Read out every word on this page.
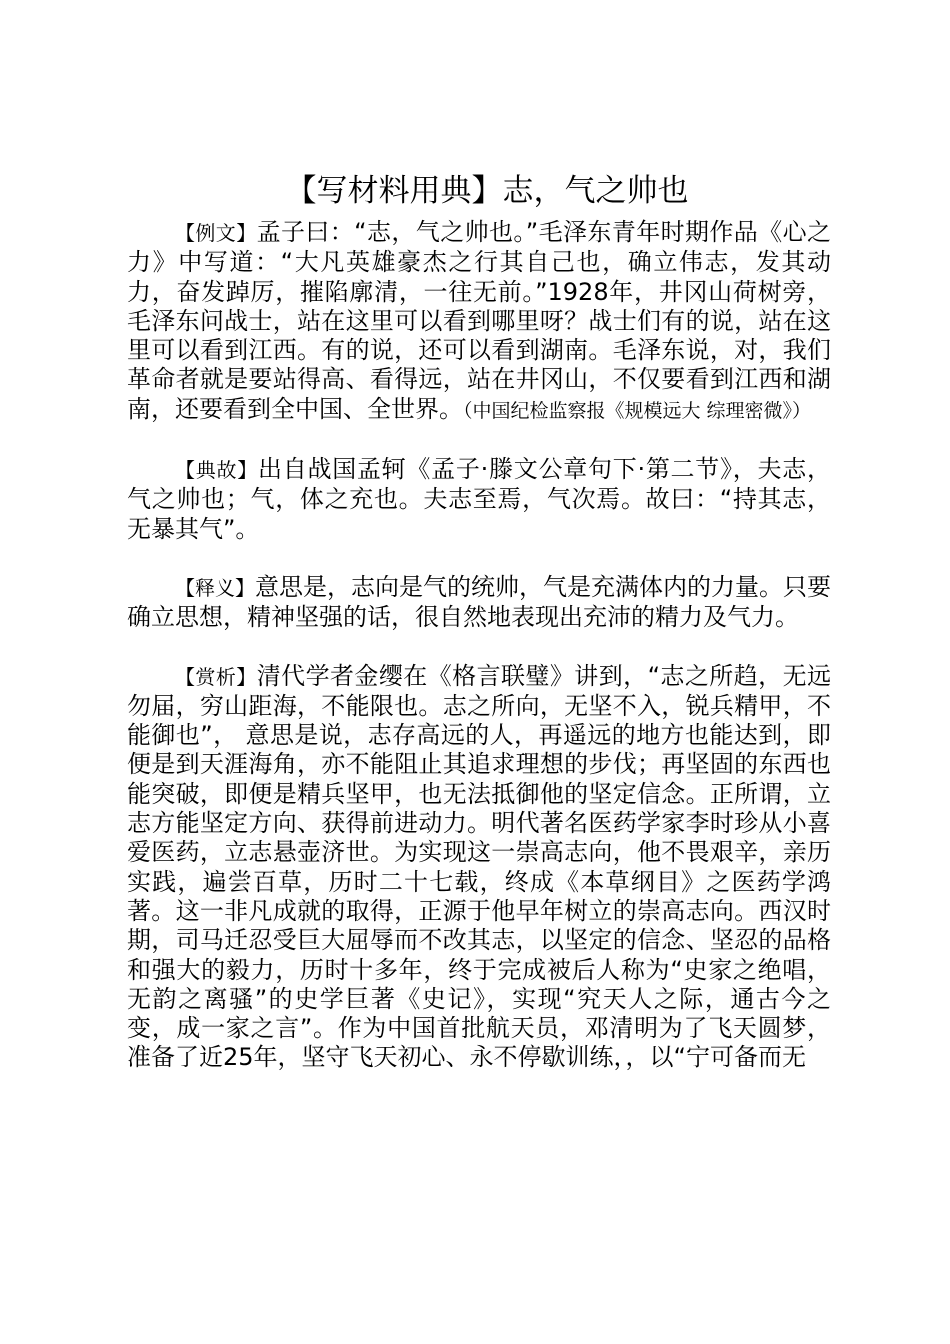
【写材料用典】志，气之帅也

【例文】孟子曰：“志，气之帅也。”毛泽东青年时期作品《心之力》中写道：“大凡英雄豪杰之行其自己也，确立伟志，发其动力，奋发踔厉，摧陷廓清，一往无前。”1928年，井冈山荷树旁，毛泽东问战士，站在这里可以看到哪里呀？战士们有的说，站在这里可以看到江西。有的说，还可以看到湖南。毛泽东说，对，我们革命者就是要站得高、看得远，站在井冈山，不仅要看到江西和湖南，还要看到全中国、全世界。（中国纪检监察报《规模远大 综理密微》）

【典故】出自战国孟轲《孟子·滕文公章句下·第二节》，夫志，气之帅也；气，体之充也。夫志至焉，气次焉。故曰：“持其志，无暴其气”。

【释义】意思是，志向是气的统帅，气是充满体内的力量。只要确立思想，精神坚强的话，很自然地表现出充沛的精力及气力。

【赏析】清代学者金缨在《格言联璧》讲到，“志之所趋，无远勿届，穷山距海，不能限也。志之所向，无坚不入，锐兵精甲，不能御也”， 意思是说，志存高远的人，再遥远的地方也能达到，即便是到天涯海角，亦不能阻止其追求理想的步伐；再坚固的东西也能突破，即便是精兵坚甲，也无法抵御他的坚定信念。正所谓，立志方能坚定方向、获得前进动力。明代著名医药学家李时珍从小喜爱医药，立志悬壶济世。为实现这一崇高志向，他不畏艰辛，亲历实践，遍尝百草，历时二十七载，终成《本草纲目》之医药学鸿著。这一非凡成就的取得，正源于他早年树立的崇高志向。西汉时期，司马迁忍受巨大屈辱而不改其志，以坚定的信念、坚忍的品格和强大的毅力，历时十多年，终于完成被后人称为“史家之绝唱，无韵之离骚”的史学巨著《史记》，实现“究天人之际，通古今之变，成一家之言”。作为中国首批航天员，邓清明为了飞天圆梦，准备了近25年，坚守飞天初心、永不停歇训练，，以“宁可备而无
